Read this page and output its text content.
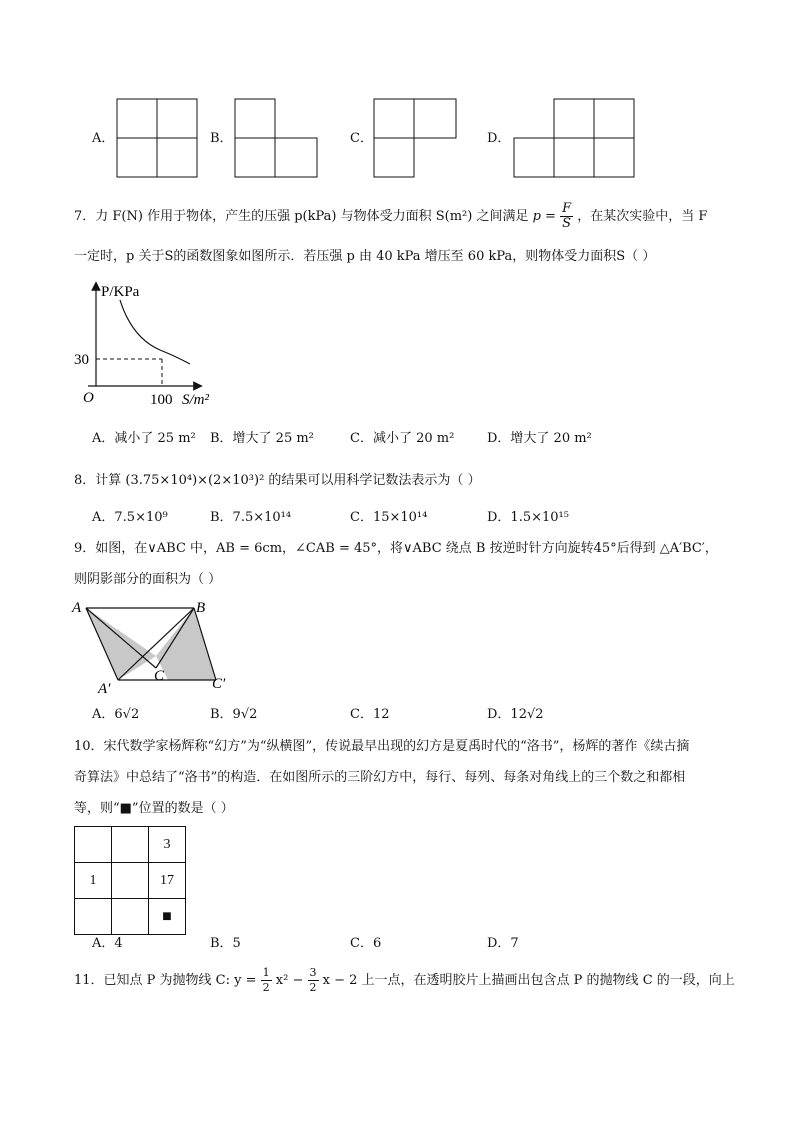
A．	B．	C．	D．
7．力 F(N) 作用于物体，产生的压强 p(kPa) 与物体受力面积 S(m²) 之间满足 $p = \frac{F}{S}$ ，在某次实验中，当 F
一定时，p 关于S的函数图象如图所示．若压强 p 由 40 kPa 增压至 60 kPa，则物体受力面积S（ ）
P/KPa
S/m²
O
30
100
A．减小了 25 m² B．增大了 25 m²	C．减小了 20 m²	D．增大了 20 m²
8．计算 (3.75×10⁴)×(2×10³)² 的结果可以用科学记数法表示为（ ）
A．7.5×10⁹	B．7.5×10¹⁴	C．15×10¹⁴	D．1.5×10¹⁵
9．如图，在∨ABC 中，AB = 6cm，∠CAB = 45°，将∨ABC 绕点 B 按逆时针方向旋转45°后得到 △A′BC′，
则阴影部分的面积为（ ）
A	B
C
A′	C′
A．6√2	B．9√2	C．12	D．12√2
10．宋代数学家杨辉称“幻方”为“纵横图”，传说最早出现的幻方是夏禹时代的“洛书”，杨辉的著作《续古摘
奇算法》中总结了“洛书”的构造．在如图所示的三阶幻方中，每行、每列、每条对角线上的三个数之和都相
等，则“■”位置的数是（ ）
		3
1		17
		■
A．4	B．5	C．6	D．7
11．已知点 P 为抛物线 C: $y = \frac{1}{2} x^2 - \frac{3}{2}$ x − 2 上一点，在透明胶片上描画出包含点 P 的抛物线 C 的一段，向上
